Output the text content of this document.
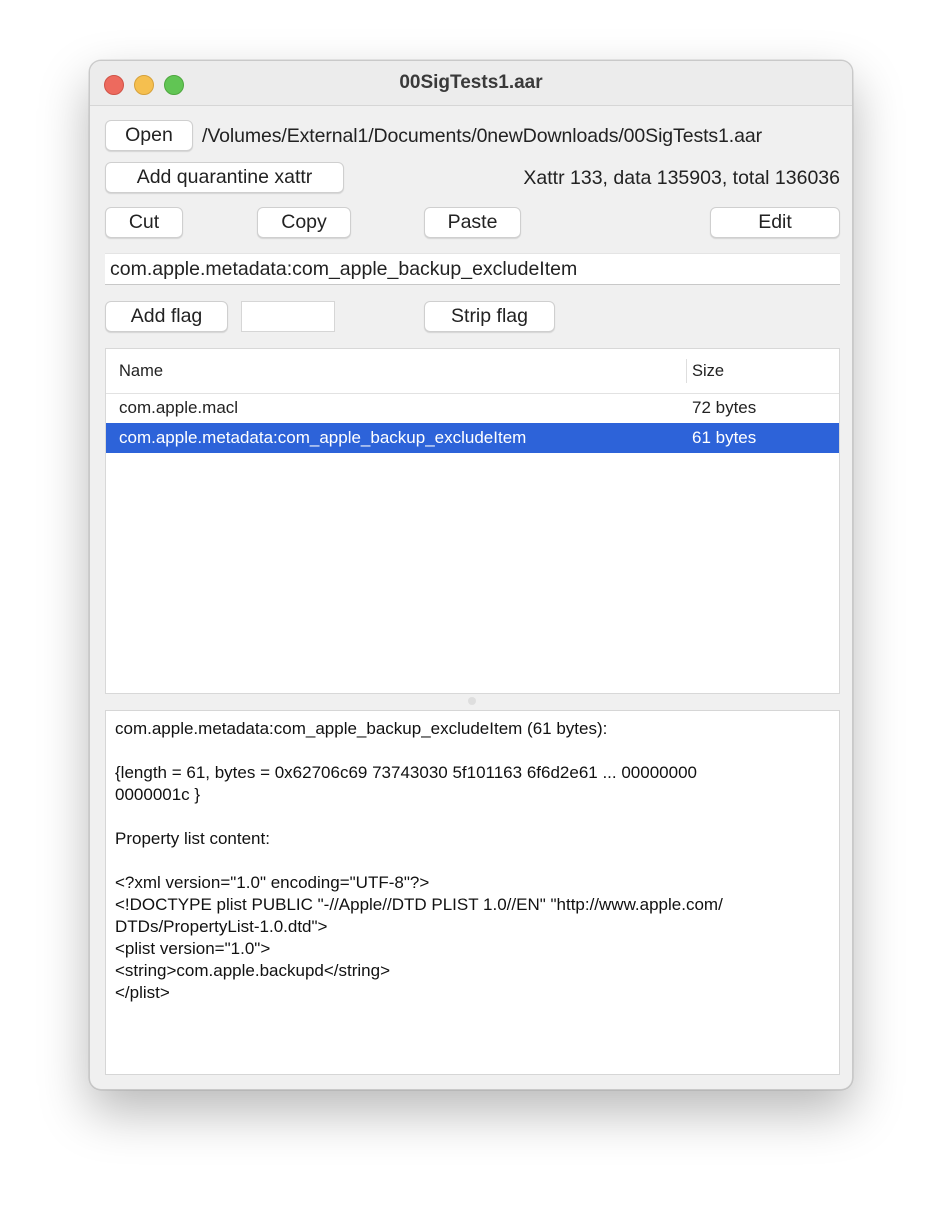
00SigTests1.aar
Open	/Volumes/External1/Documents/0newDownloads/00SigTests1.aar
Add quarantine xattr	Xattr 133, data 135903, total 136036
Cut	Copy	Paste	Edit
com.apple.metadata:com_apple_backup_excludeItem
Add flag	Strip flag
Name	Size
com.apple.macl	72 bytes
com.apple.metadata:com_apple_backup_excludeItem	61 bytes
com.apple.metadata:com_apple_backup_excludeItem (61 bytes):
{length = 61, bytes = 0x62706c69 73743030 5f101163 6f6d2e61 ... 00000000
0000001c }
Property list content:
<?xml version="1.0" encoding="UTF-8"?>
<!DOCTYPE plist PUBLIC "-//Apple//DTD PLIST 1.0//EN" "http://www.apple.com/
DTDs/PropertyList-1.0.dtd">
<plist version="1.0">
<string>com.apple.backupd</string>
</plist>
